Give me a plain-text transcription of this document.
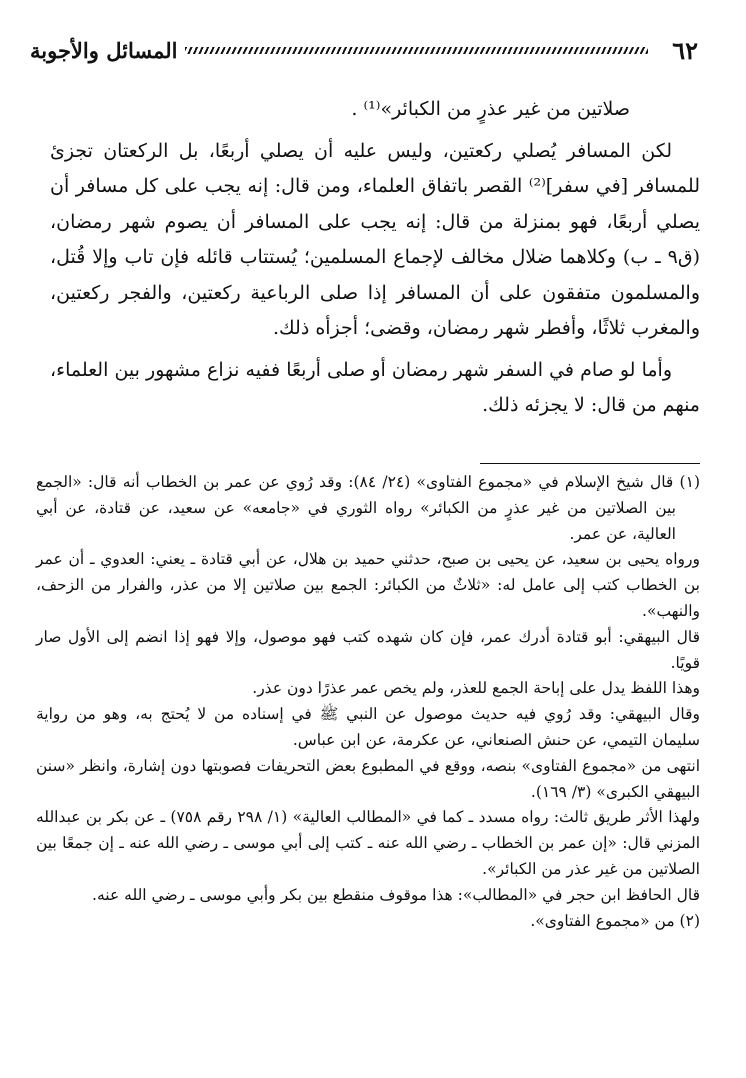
٦٢
المسائل والأجوبة

صلاتين من غير عذرٍ من الكبائر»⁽¹⁾ .

لكن المسافر يُصلي ركعتين، وليس عليه أن يصلي أربعًا، بل الركعتان تجزئ للمسافر [في سفر]⁽²⁾ القصر باتفاق العلماء، ومن قال: إنه يجب على كل مسافر أن يصلي أربعًا، فهو بمنزلة من قال: إنه يجب على المسافر أن يصوم شهر رمضان، (ق٩ ـ ب) وكلاهما ضلال مخالف لإجماع المسلمين؛ يُستتاب قائله فإن تاب وإلا قُتل، والمسلمون متفقون على أن المسافر إذا صلى الرباعية ركعتين، والفجر ركعتين، والمغرب ثلاثًا، وأفطر شهر رمضان، وقضى؛ أجزأه ذلك.

وأما لو صام في السفر شهر رمضان أو صلى أربعًا ففيه نزاع مشهور بين العلماء، منهم من قال: لا يجزئه ذلك.

(١) قال شيخ الإسلام في «مجموع الفتاوى» (٢٤/ ٨٤): وقد رُوي عن عمر بن الخطاب أنه قال: «الجمع بين الصلاتين من غير عذرٍ من الكبائر» رواه الثوري في «جامعه» عن سعيد، عن قتادة، عن أبي العالية، عن عمر.

ورواه يحيى بن سعيد، عن يحيى بن صبح، حدثني حميد بن هلال، عن أبي قتادة ـ يعني: العدوي ـ أن عمر بن الخطاب كتب إلى عامل له: «ثلاثٌ من الكبائر: الجمع بين صلاتين إلا من عذر، والفرار من الزحف، والنهب».

قال البيهقي: أبو قتادة أدرك عمر، فإن كان شهده كتب فهو موصول، وإلا فهو إذا انضم إلى الأول صار قويًا.

وهذا اللفظ يدل على إباحة الجمع للعذر، ولم يخص عمر عذرًا دون عذر.

وقال البيهقي: وقد رُوي فيه حديث موصول عن النبي ﷺ في إسناده من لا يُحتج به، وهو من رواية سليمان التيمي، عن حنش الصنعاني، عن عكرمة، عن ابن عباس.

انتهى من «مجموع الفتاوى» بنصه، ووقع في المطبوع بعض التحريفات فصوبتها دون إشارة، وانظر «سنن البيهقي الكبرى» (٣/ ١٦٩).

ولهذا الأثر طريق ثالث: رواه مسدد ـ كما في «المطالب العالية» (١/ ٢٩٨ رقم ٧٥٨) ـ عن بكر بن عبدالله المزني قال: «إن عمر بن الخطاب ـ رضي الله عنه ـ كتب إلى أبي موسى ـ رضي الله عنه ـ إن جمعًا بين الصلاتين من غير عذر من الكبائر».

قال الحافظ ابن حجر في «المطالب»: هذا موقوف منقطع بين بكر وأبي موسى ـ رضي الله عنه.

(٢) من «مجموع الفتاوى».
